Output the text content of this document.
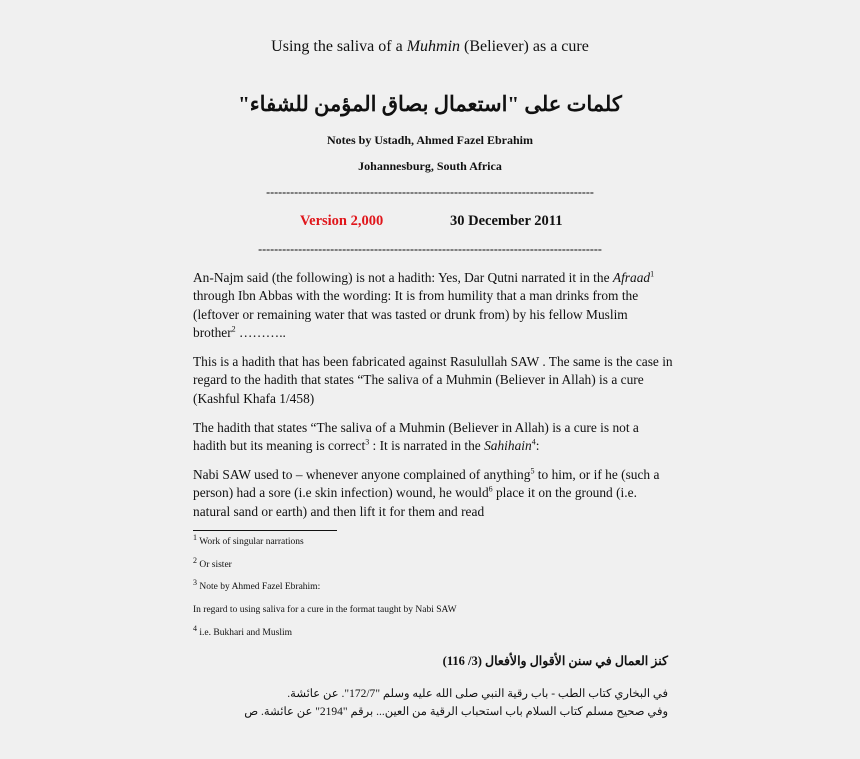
Using the saliva of a Muhmin (Believer) as a cure
كلمات على "استعمال بصاق المؤمن للشفاء"
Notes by Ustadh, Ahmed Fazel Ebrahim
Johannesburg, South Africa
----------------------------------------------------------------------------------
Version 2,000	30 December 2011
--------------------------------------------------------------------------------------
An-Najm said (the following) is not a hadith: Yes, Dar Qutni narrated it in the Afraad$^1$ through Ibn Abbas with the wording: It is from humility that a man drinks from the (leftover or remaining water that was tasted or drunk from) by his fellow Muslim brother$^2$ ………..
This is a hadith that has been fabricated against Rasulullah SAW . The same is the case in regard to the hadith that states “The saliva of a Muhmin (Believer in Allah) is a cure (Kashful Khafa 1/458)
The hadith that states “The saliva of a Muhmin (Believer in Allah) is a cure is not a hadith but its meaning is correct$^3$ : It is narrated in the Sahihain$^4$:
Nabi SAW used to – whenever anyone complained of anything$^5$ to him, or if he (such a person) had a sore (i.e skin infection) wound, he would$^6$ place it on the ground (i.e. natural sand or earth) and then lift it for them and read
$^1$ Work of singular narrations
$^2$ Or sister
$^3$ Note by Ahmed Fazel Ebrahim:
In regard to using saliva for a cure in the format taught by Nabi SAW
$^4$ i.e. Bukhari and Muslim
كنز العمال في سنن الأقوال والأفعال (3/ 116)
في البخاري كتاب الطب - باب رقية النبي صلى الله عليه وسلم "172/7". عن عائشة.
وفي صحيح مسلم كتاب السلام باب استحباب الرقية من العين... برقم "2194" عن عائشة. ص
